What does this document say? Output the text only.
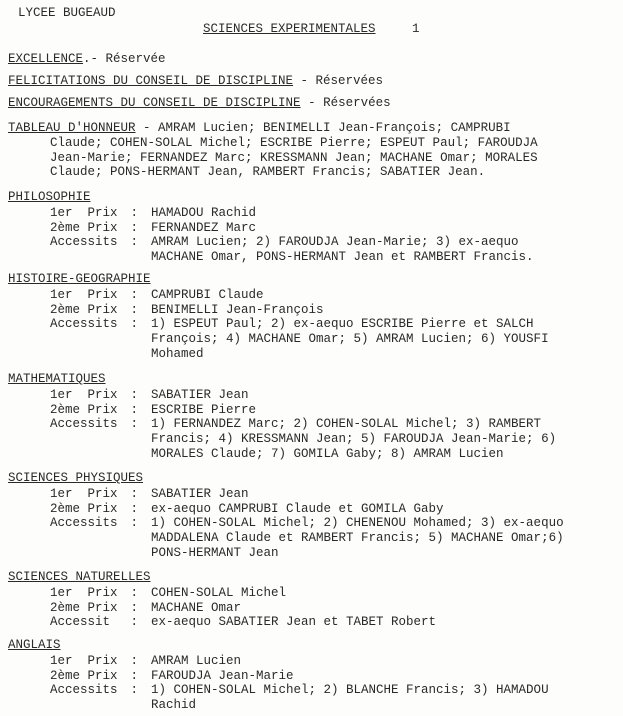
LYCEE BUGEAUD
SCIENCES EXPERIMENTALES	1
EXCELLENCE.- Réservée
FELICITATIONS DU CONSEIL DE DISCIPLINE - Réservées
ENCOURAGEMENTS DU CONSEIL DE DISCIPLINE - Réservées
TABLEAU D'HONNEUR - AMRAM Lucien; BENIMELLI Jean-François; CAMPRUBI
Claude; COHEN-SOLAL Michel; ESCRIBE Pierre; ESPEUT Paul; FAROUDJA
Jean-Marie; FERNANDEZ Marc; KRESSMANN Jean; MACHANE Omar; MORALES
Claude; PONS-HERMANT Jean, RAMBERT Francis; SABATIER Jean.
PHILOSOPHIE
1er  Prix : HAMADOU Rachid
2ème Prix : FERNANDEZ Marc
Accessits : AMRAM Lucien; 2) FAROUDJA Jean-Marie; 3) ex-aequo
MACHANE Omar, PONS-HERMANT Jean et RAMBERT Francis.
HISTOIRE-GEOGRAPHIE
1er  Prix : CAMPRUBI Claude
2ème Prix : BENIMELLI Jean-François
Accessits : 1) ESPEUT Paul; 2) ex-aequo ESCRIBE Pierre et SALCH
François; 4) MACHANE Omar; 5) AMRAM Lucien; 6) YOUSFI
Mohamed
MATHEMATIQUES
1er  Prix : SABATIER Jean
2ème Prix : ESCRIBE Pierre
Accessits : 1) FERNANDEZ Marc; 2) COHEN-SOLAL Michel; 3) RAMBERT
Francis; 4) KRESSMANN Jean; 5) FAROUDJA Jean-Marie; 6)
MORALES Claude; 7) GOMILA Gaby; 8) AMRAM Lucien
SCIENCES PHYSIQUES
1er  Prix : SABATIER Jean
2ème Prix : ex-aequo CAMPRUBI Claude et GOMILA Gaby
Accessits : 1) COHEN-SOLAL Michel; 2) CHENENOU Mohamed; 3) ex-aequo
MADDALENA Claude et RAMBERT Francis; 5) MACHANE Omar;6)
PONS-HERMANT Jean
SCIENCES NATURELLES
1er  Prix : COHEN-SOLAL Michel
2ème Prix : MACHANE Omar
Accessit : ex-aequo SABATIER Jean et TABET Robert
ANGLAIS
1er  Prix : AMRAM Lucien
2ème Prix : FAROUDJA Jean-Marie
Accessits : 1) COHEN-SOLAL Michel; 2) BLANCHE Francis; 3) HAMADOU
Rachid
